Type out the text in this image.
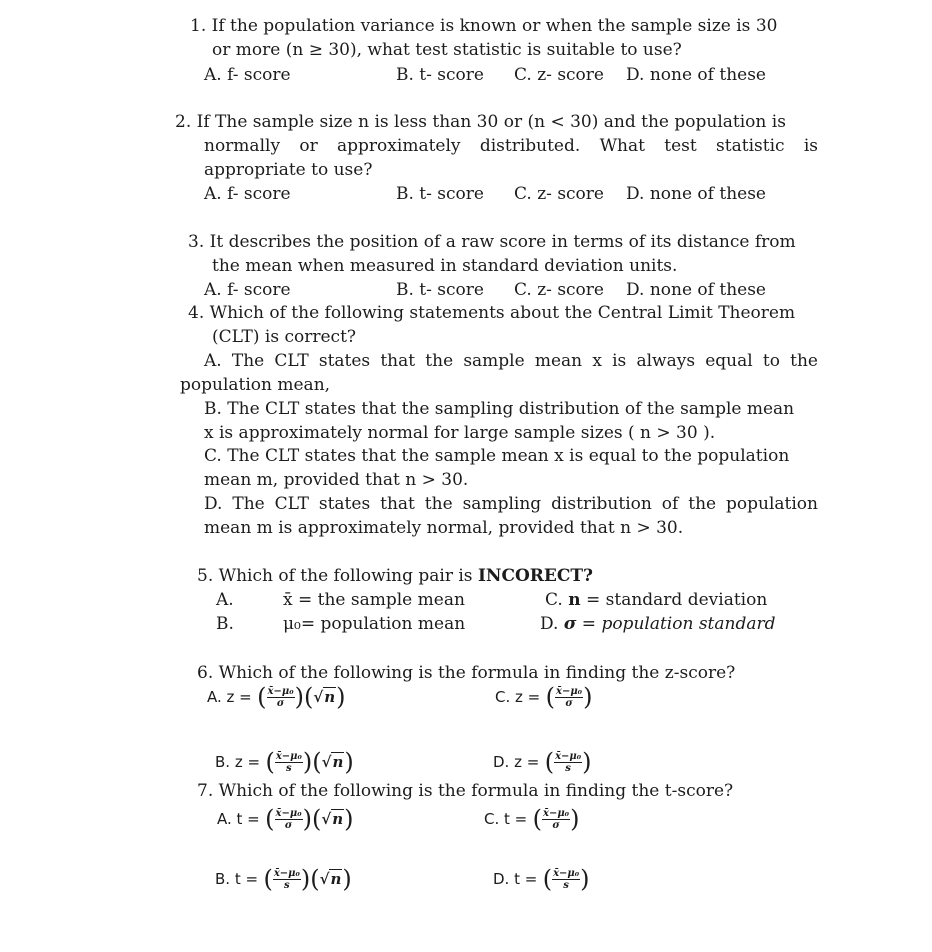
1. If the population variance is known or when the sample size is 30
or more (n ≥ 30), what test statistic is suitable to use?
A. f- score	B. t- score C. z- score D. none of these
2. If The sample size n is less than 30 or (n < 30) and the population is
normally or approximately distributed. What test statistic is
appropriate to use?
A. f- score	B. t- score C. z- score D. none of these
3. It describes the position of a raw score in terms of its distance from
the mean when measured in standard deviation units.
A. f- score	B. t- score C. z- score D. none of these
4. Which of the following statements about the Central Limit Theorem
(CLT) is correct?
A. The CLT states that the sample mean x is always equal to the
population mean,
B. The CLT states that the sampling distribution of the sample mean
x is approximately normal for large sample sizes ( n > 30 ).
C. The CLT states that the sample mean x is equal to the population
mean m, provided that n > 30.
D. The CLT states that the sampling distribution of the population
mean m is approximately normal, provided that n > 30.
5. Which of the following pair is INCORECT?
A.	x̄ = the sample mean
B.	μ₀= population mean
C. n = standard deviation
D. σ = population standard
6. Which of the following is the formula in finding the z-score?
A. z =
( $\frac{\text{x̄−μ₀}}{\sigma}$ ) ( √n )	C. z =
( $\frac{\text{x̄−μ₀}}{\sigma}$ )
B. z =
( $\frac{\text{x̄−μ₀}}{s}$ ) ( √n )	D. z =
( $\frac{\text{x̄−μ₀}}{s}$ )
7. Which of the following is the formula in finding the t-score?
A. t =
( $\frac{\text{x̄−μ₀}}{\sigma}$ ) ( √n )	C. t =
( $\frac{\text{x̄−μ₀}}{\sigma}$ )
B. t =
( $\frac{\text{x̄−μ₀}}{s}$ ) ( √n )	D. t =
( $\frac{\text{x̄−μ₀}}{s}$ )
